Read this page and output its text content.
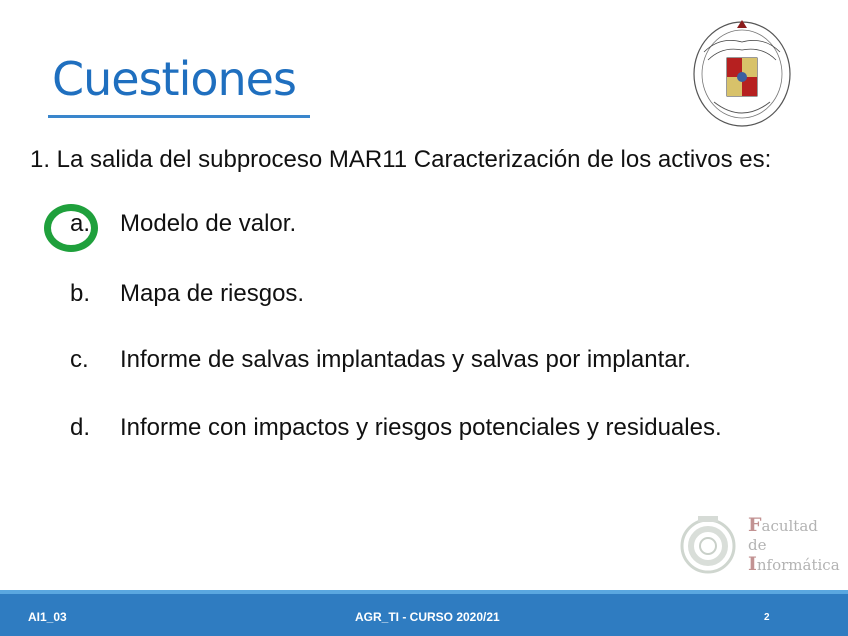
Cuestiones
1. La salida del subproceso MAR11 Caracterización de los activos es:
a.	Modelo de valor.
b.	Mapa de riesgos.
c.	Informe de salvas implantadas y salvas por implantar.
d.	Informe con impactos y riesgos potenciales y residuales.
Facultad
de
Informática
AI1_03	AGR_TI - CURSO 2020/21	2
